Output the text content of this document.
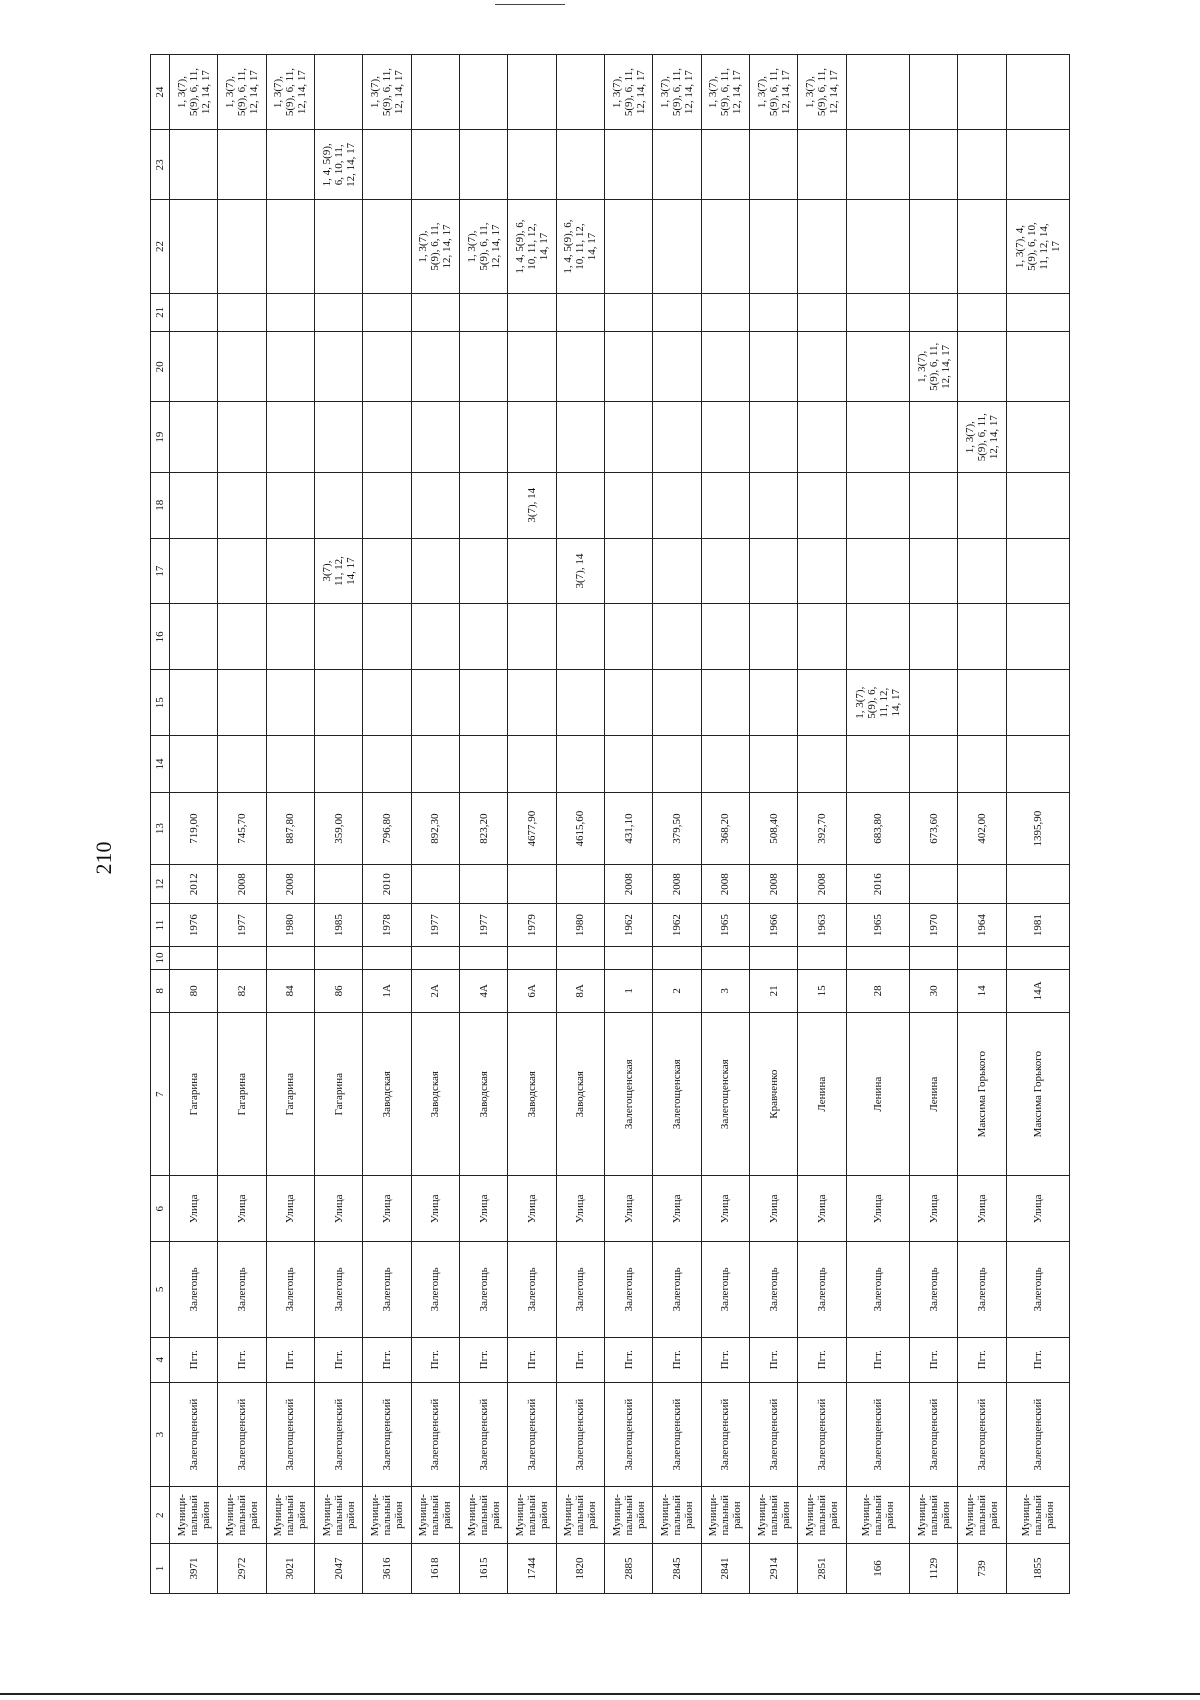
210
1	2	3	4	5	6	7	8	10	11	12	13	14	15	16	17	18	19	20	21	22	23	24
3971	Муници-
пальный
район	Залегощенский	Пгт.	Залегощь	Улица	Гагарина	80		1976	2012	719,00											1, 3(7),
5(9), 6, 11,
12, 14, 17
2972	Муници-
пальный
район	Залегощенский	Пгт.	Залегощь	Улица	Гагарина	82		1977	2008	745,70											1, 3(7),
5(9), 6, 11,
12, 14, 17
3021	Муници-
пальный
район	Залегощенский	Пгт.	Залегощь	Улица	Гагарина	84		1980	2008	887,80											1, 3(7),
5(9), 6, 11,
12, 14, 17
2047	Муници-
пальный
район	Залегощенский	Пгт.	Залегощь	Улица	Гагарина	86		1985		359,00				3(7),
11, 12,
14, 17						1, 4, 5(9),
6, 10, 11,
12, 14, 17	
3616	Муници-
пальный
район	Залегощенский	Пгт.	Залегощь	Улица	Заводская	1А		1978	2010	796,80											1, 3(7),
5(9), 6, 11,
12, 14, 17
1618	Муници-
пальный
район	Залегощенский	Пгт.	Залегощь	Улица	Заводская	2А		1977		892,30									1, 3(7),
5(9), 6, 11,
12, 14, 17		
1615	Муници-
пальный
район	Залегощенский	Пгт.	Залегощь	Улица	Заводская	4А		1977		823,20									1, 3(7),
5(9), 6, 11,
12, 14, 17		
1744	Муници-
пальный
район	Залегощенский	Пгт.	Залегощь	Улица	Заводская	6А		1979		4677,90					3(7), 14				1, 4, 5(9), 6,
10, 11, 12,
14, 17		
1820	Муници-
пальный
район	Залегощенский	Пгт.	Залегощь	Улица	Заводская	8А		1980		4615,60				3(7), 14					1, 4, 5(9), 6,
10, 11, 12,
14, 17		
2885	Муници-
пальный
район	Залегощенский	Пгт.	Залегощь	Улица	Залегощенская	1		1962	2008	431,10											1, 3(7),
5(9), 6, 11,
12, 14, 17
2845	Муници-
пальный
район	Залегощенский	Пгт.	Залегощь	Улица	Залегощенская	2		1962	2008	379,50											1, 3(7),
5(9), 6, 11,
12, 14, 17
2841	Муници-
пальный
район	Залегощенский	Пгт.	Залегощь	Улица	Залегощенская	3		1965	2008	368,20											1, 3(7),
5(9), 6, 11,
12, 14, 17
2914	Муници-
пальный
район	Залегощенский	Пгт.	Залегощь	Улица	Кравченко	21		1966	2008	508,40											1, 3(7),
5(9), 6, 11,
12, 14, 17
2851	Муници-
пальный
район	Залегощенский	Пгт.	Залегощь	Улица	Ленина	15		1963	2008	392,70											1, 3(7),
5(9), 6, 11,
12, 14, 17
166	Муници-
пальный
район	Залегощенский	Пгт.	Залегощь	Улица	Ленина	28		1965	2016	683,80		1, 3(7),
5(9), 6,
11, 12,
14, 17									
1129	Муници-
пальный
район	Залегощенский	Пгт.	Залегощь	Улица	Ленина	30		1970		673,60							1, 3(7),
5(9), 6, 11,
12, 14, 17				
739	Муници-
пальный
район	Залегощенский	Пгт.	Залегощь	Улица	Максима Горького	14		1964		402,00						1, 3(7),
5(9), 6, 11,
12, 14, 17					
1855	Муници-
пальный
район	Залегощенский	Пгт.	Залегощь	Улица	Максима Горького	14А		1981		1395,90									1, 3(7), 4,
5(9), 6, 10,
11, 12, 14,
17		
